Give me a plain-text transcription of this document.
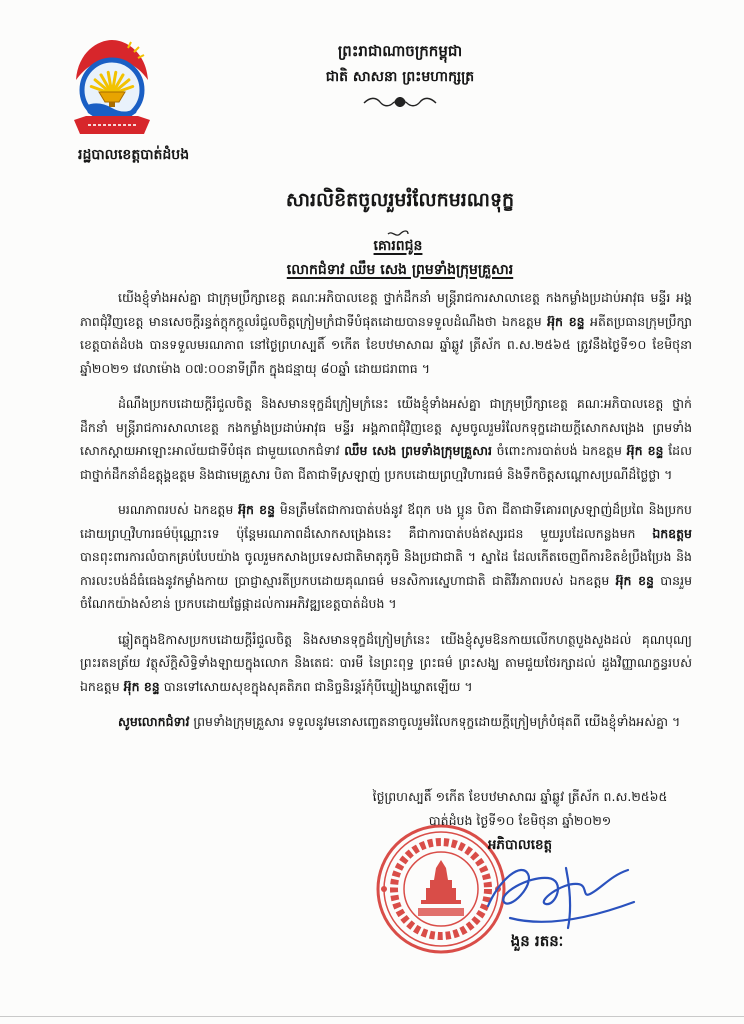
ព្រះរាជាណាចក្រកម្ពុជា
ជាតិ សាសនា ព្រះមហាក្សត្រ
រដ្ឋបាលខេត្តបាត់ដំបង
សារលិខិតចូលរួមរំលែកមរណទុក្ខ
គោរពជូន
លោកជំទាវ ឈឹម សេង ព្រមទាំងក្រុមគ្រួសារ

យើងខ្ញុំទាំងអស់គ្នា ជាក្រុមប្រឹក្សាខេត្ត គណៈអភិបាលខេត្ត ថ្នាក់ដឹកនាំ មន្ត្រីរាជការសាលាខេត្ត កងកម្លាំងប្រដាប់អាវុធ មន្ទីរ អង្គភាពជុំវិញខេត្ត មានសេចក្តីរន្ធត់ក្តុកក្តួលរំជួលចិត្តក្រៀមក្រំជាទីបំផុតដោយបានទទួលដំណឹងថា ឯកឧត្តម អ៊ុក ខន្ទ អតីតប្រធានក្រុមប្រឹក្សាខេត្តបាត់ដំបង បានទទួលមរណភាព នៅថ្ងៃព្រហស្បតិ៍ ១កើត ខែបឋមាសាឍ ឆ្នាំឆ្លូវ ត្រីស័ក ព.ស.២៥៦៥ ត្រូវនឹងថ្ងៃទី១០ ខែមិថុនា ឆ្នាំ២០២១ វេលាម៉ោង ០៧:០០នាទីព្រឹក ក្នុងជន្មាយុ ៨០ឆ្នាំ ដោយជរាពាធ ។

ដំណឹងប្រកបដោយក្តីរំជួលចិត្ត និងសមានទុក្ខដ៏ក្រៀមក្រំនេះ យើងខ្ញុំទាំងអស់គ្នា ជាក្រុមប្រឹក្សាខេត្ត គណៈអភិបាលខេត្ត ថ្នាក់ដឹកនាំ មន្ត្រីរាជការសាលាខេត្ត កងកម្លាំងប្រដាប់អាវុធ មន្ទីរ អង្គភាពជុំវិញខេត្ត សូមចូលរួមរំលែកទុក្ខដោយក្តីសោកសង្រេង ព្រមទាំងសោកស្តាយអាឡោះអាល័យជាទីបំផុត ជាមួយលោកជំទាវ ឈឹម សេង ព្រមទាំងក្រុមគ្រួសារ ចំពោះការបាត់បង់ ឯកឧត្តម អ៊ុក ខន្ទ ដែលជាថ្នាក់ដឹកនាំដ៏ឧត្តុង្គឧត្តម និងជាមេគ្រួសារ បិតា ជីតាជាទីស្រឡាញ់ ប្រកបដោយព្រហ្មវិហារធម៌ និងទឹកចិត្តសណ្តោសប្រណីដ៏ថ្លៃថ្លា ។

មរណភាពរបស់ ឯកឧត្តម អ៊ុក ខន្ទ មិនត្រឹមតែជាការបាត់បង់នូវ ឪពុក បង ប្អូន បិតា ជីតាជាទីគោរពស្រឡាញ់ដ៏ប្រពៃ និងប្រកបដោយព្រហ្មវិហារធម៌ប៉ុណ្ណោះទេ ប៉ុន្តែមរណភាពដ៏សោកសង្រេងនេះ គឺជាការបាត់បង់ឥស្សរជន មួយរូបដែលកន្លងមក ឯកឧត្តម បានពុះពារការលំបាកគ្រប់បែបយ៉ាង ចូលរួមកសាងប្រទេសជាតិមាតុភូមិ និងប្រជាជាតិ ។ ស្នាដៃ ដែលកើតចេញពីការខិតខំប្រឹងប្រែង និងការលះបង់ដ៏ធំធេងនូវកម្លាំងកាយ ប្រាជ្ញាស្មារតីប្រកបដោយគុណធម៌ មនសិការស្នេហាជាតិ ជាតិវីរភាពរបស់ ឯកឧត្តម អ៊ុក ខន្ទ បានរួមចំណែកយ៉ាងសំខាន់ ប្រកបដោយផ្លែផ្កាដល់ការអភិវឌ្ឍខេត្តបាត់ដំបង ។

ឆ្លៀតក្នុងឱកាសប្រកបដោយក្តីរំជួលចិត្ត និងសមានទុក្ខដ៏ក្រៀមក្រំនេះ យើងខ្ញុំសូមឱនកាយលើកហត្ថបួងសួងដល់ គុណបុណ្យព្រះរតនត្រ័យ វត្ថុស័ក្តិសិទ្ធិទាំងឡាយក្នុងលោក និងតេជៈ បារមី នៃព្រះពុទ្ធ ព្រះធម៌ ព្រះសង្ឃ តាមជួយថែរក្សាដល់ ដួងវិញ្ញាណក្ខន្ធរបស់ ឯកឧត្តម អ៊ុក ខន្ទ បានទៅសោយសុខក្នុងសុគតិភព ជានិច្ចនិរន្តរ៍កុំបីឃ្លៀងឃ្លាតឡើយ ។

សូមលោកជំទាវ ព្រមទាំងក្រុមគ្រួសារ ទទួលនូវមនោសញ្ចេតនាចូលរួមរំលែកទុក្ខដោយក្តីក្រៀមក្រំបំផុតពី យើងខ្ញុំទាំងអស់គ្នា ។

ថ្ងៃព្រហស្បតិ៍ ១កើត ខែបឋមាសាឍ ឆ្នាំឆ្លូវ ត្រីស័ក ព.ស.២៥៦៥
បាត់ដំបង ថ្ងៃទី១០ ខែមិថុនា ឆ្នាំ២០២១
អភិបាលខេត្ត
ងួន រតនៈ
